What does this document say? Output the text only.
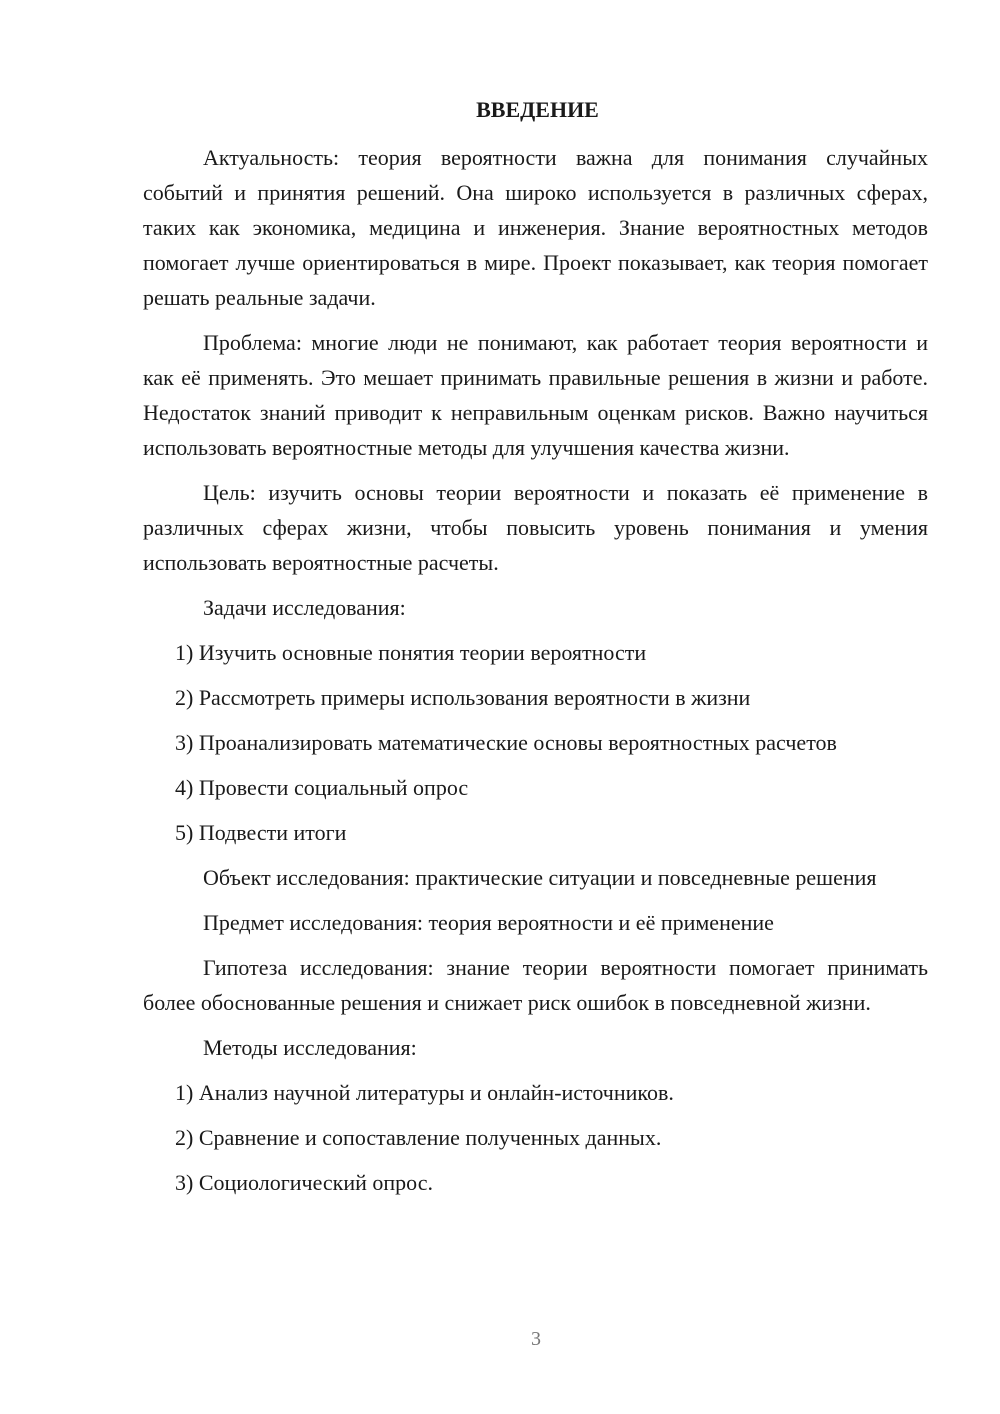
ВВЕДЕНИЕ

Актуальность: теория вероятности важна для понимания случайных событий и принятия решений. Она широко используется в различных сферах, таких как экономика, медицина и инженерия. Знание вероятностных методов помогает лучше ориентироваться в мире. Проект показывает, как теория помогает решать реальные задачи.

Проблема: многие люди не понимают, как работает теория вероятности и как её применять. Это мешает принимать правильные решения в жизни и работе. Недостаток знаний приводит к неправильным оценкам рисков. Важно научиться использовать вероятностные методы для улучшения качества жизни.

Цель: изучить основы теории вероятности и показать её применение в различных сферах жизни, чтобы повысить уровень понимания и умения использовать вероятностные расчеты.

Задачи исследования:

1) Изучить основные понятия теории вероятности
2) Рассмотреть примеры использования вероятности в жизни
3) Проанализировать математические основы вероятностных расчетов
4) Провести социальный опрос
5) Подвести итоги

Объект исследования: практические ситуации и повседневные решения

Предмет исследования: теория вероятности и её применение

Гипотеза исследования: знание теории вероятности помогает принимать более обоснованные решения и снижает риск ошибок в повседневной жизни.

Методы исследования:

1) Анализ научной литературы и онлайн-источников.
2) Сравнение и сопоставление полученных данных.
3) Социологический опрос.
3
